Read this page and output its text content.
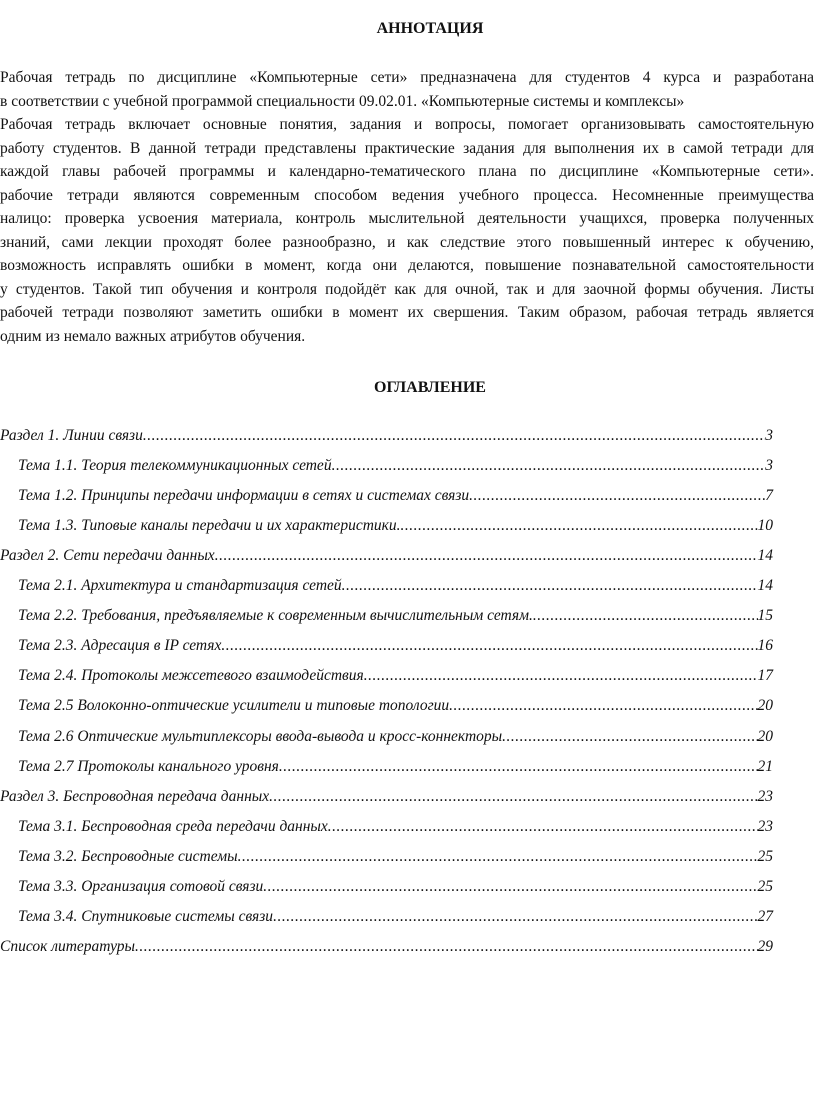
АННОТАЦИЯ
Рабочая тетрадь по дисциплине «Компьютерные сети» предназначена для студентов 4 курса и разработана
в соответствии с учебной программой специальности 09.02.01. «Компьютерные системы и комплексы»
Рабочая тетрадь включает основные понятия, задания и вопросы, помогает организовывать самостоятельную
работу студентов. В данной тетради представлены практические задания для выполнения их в самой тетради для
каждой главы рабочей программы и календарно-тематического плана по дисциплине «Компьютерные сети».
рабочие тетради являются современным способом ведения учебного процесса. Несомненные преимущества
налицо: проверка усвоения материала, контроль мыслительной деятельности учащихся, проверка полученных
знаний, сами лекции проходят более разнообразно, и как следствие этого повышенный интерес к обучению,
возможность исправлять ошибки в момент, когда они делаются, повышение познавательной самостоятельности
у студентов. Такой тип обучения и контроля подойдёт как для очной, так и для заочной формы обучения. Листы
рабочей тетради позволяют заметить ошибки в момент их свершения. Таким образом, рабочая тетрадь является
одним из немало важных атрибутов обучения.
ОГЛАВЛЕНИЕ
Раздел 1. Линии связи .....	3
Тема 1.1. Теория телекоммуникационных сетей .....	3
Тема 1.2. Принципы передачи информации в сетях и системах связи .....	7
Тема 1.3. Типовые каналы передачи и их характеристики. .....	10
Раздел 2. Сети передачи данных .....	14
Тема 2.1. Архитектура и стандартизация сетей .....	14
Тема 2.2. Требования, предъявляемые к современным вычислительным сетям. .....	15
Тема 2.3. Адресация в IP сетях .....	16
Тема 2.4. Протоколы межсетевого взаимодействия .....	17
Тема 2.5 Волоконно-оптические усилители и типовые топологии .....	20
Тема 2.6 Оптические мультиплексоры ввода-вывода и кросс-коннекторы .....	20
Тема 2.7 Протоколы канального уровня .....	21
Раздел 3. Беспроводная передача данных .....	23
Тема 3.1. Беспроводная среда передачи данных .....	23
Тема 3.2. Беспроводные системы .....	25
Тема 3.3. Организация сотовой связи .....	25
Тема 3.4. Спутниковые системы связи .....	27
Список литературы .....	29
